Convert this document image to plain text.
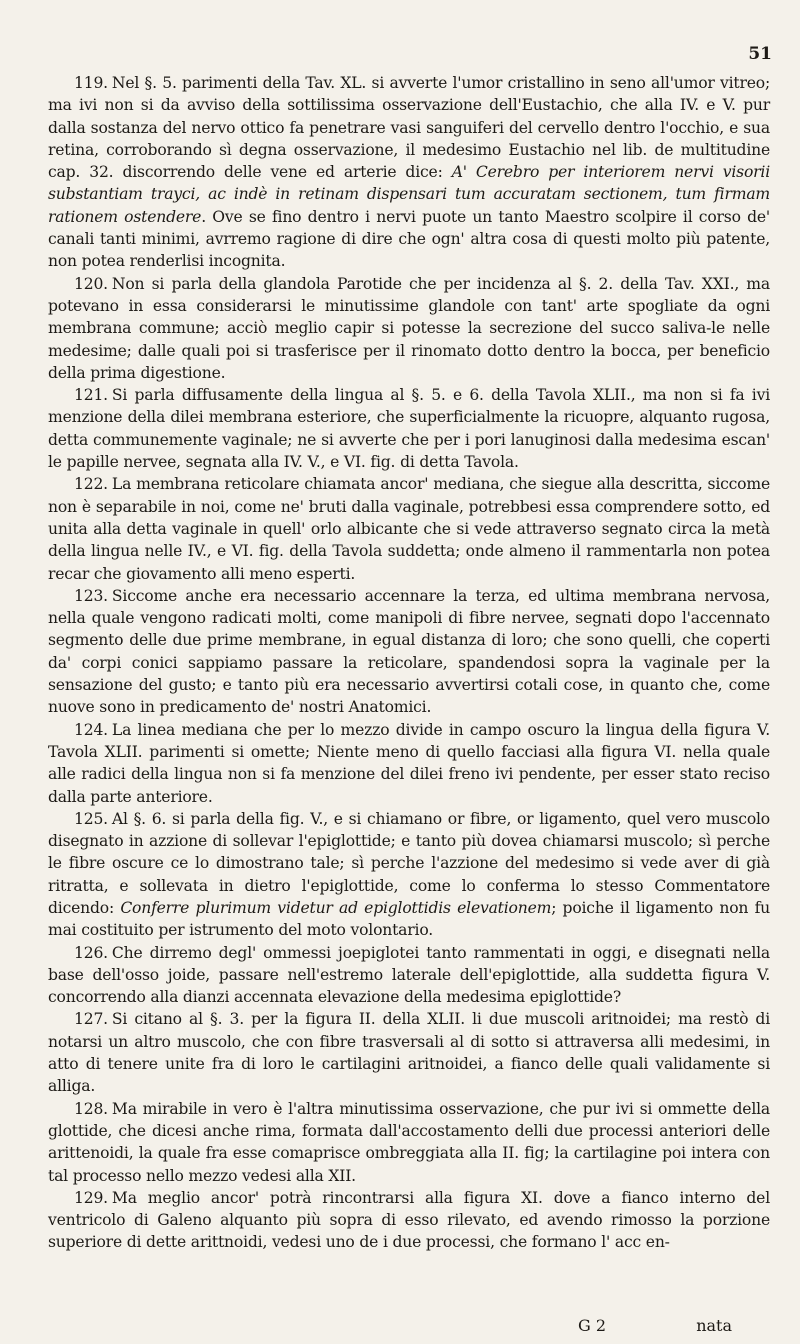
51

119. Nel §. 5. parimenti della Tav. XL. si avverte l'umor cristallino in seno all'umor vitreo; ma ivi non si da avviso della sottilissima osservazione dell'Eustachio, che alla IV. e V. pur dalla sostanza del nervo ottico fa penetrare vasi sanguiferi del cervello dentro l'occhio, e sua retina, corroborando sì degna osservazione, il medesimo Eustachio nel lib. de multitudine cap. 32. discorrendo delle vene ed arterie dice: A' Cerebro per interiorem nervi visorii substantiam trayci, ac indè in retinam dispensari tum accuratam sectionem, tum firmam rationem ostendere. Ove se fino dentro i nervi puote un tanto Maestro scolpire il corso de' canali tanti minimi, avrremo ragione di dire che ogn' altra cosa di questi molto più patente, non potea renderlisi incognita.

120. Non si parla della glandola Parotide che per incidenza al §. 2. della Tav. XXI., ma potevano in essa considerarsi le minutissime glandole con tant' arte spogliate da ogni membrana commune; acciò meglio capir si potesse la secrezione del succo saliva-le nelle medesime; dalle quali poi si trasferisce per il rinomato dotto dentro la bocca, per beneficio della prima digestione.

121. Si parla diffusamente della lingua al §. 5. e 6. della Tavola XLII., ma non si fa ivi menzione della dilei membrana esteriore, che superficialmente la ricuopre, alquanto rugosa, detta communemente vaginale; ne si avverte che per i pori lanuginosi dalla medesima escan' le papille nervee, segnata alla IV. V., e VI. fig. di detta Tavola.

122. La membrana reticolare chiamata ancor' mediana, che siegue alla descritta, siccome non è separabile in noi, come ne' bruti dalla vaginale, potrebbesi essa comprendere sotto, ed unita alla detta vaginale in quell' orlo albicante che si vede attraverso segnato circa la metà della lingua nelle IV., e VI. fig. della Tavola suddetta; onde almeno il rammentarla non potea recar che giovamento alli meno esperti.

123. Siccome anche era necessario accennare la terza, ed ultima membrana nervosa, nella quale vengono radicati molti, come manipoli di fibre nervee, segnati dopo l'accennato segmento delle due prime membrane, in egual distanza di loro; che sono quelli, che coperti da' corpi conici sappiamo passare la reticolare, spandendosi sopra la vaginale per la sensazione del gusto; e tanto più era necessario avvertirsi cotali cose, in quanto che, come nuove sono in predicamento de' nostri Anatomici.

124. La linea mediana che per lo mezzo divide in campo oscuro la lingua della figura V. Tavola XLII. parimenti si omette; Niente meno di quello facciasi alla figura VI. nella quale alle radici della lingua non si fa menzione del dilei freno ivi pendente, per esser stato reciso dalla parte anteriore.

125. Al §. 6. si parla della fig. V., e si chiamano or fibre, or ligamento, quel vero muscolo disegnato in azzione di sollevar l'epiglottide; e tanto più dovea chiamarsi muscolo; sì perche le fibre oscure ce lo dimostrano tale; sì perche l'azzione del medesimo si vede aver di già ritratta, e sollevata in dietro l'epiglottide, come lo conferma lo stesso Commentatore dicendo: Conferre plurimum videtur ad epiglottidis elevationem; poiche il ligamento non fu mai costituito per istrumento del moto volontario.

126. Che dirremo degl' ommessi joepiglotei tanto rammentati in oggi, e disegnati nella base dell'osso joide, passare nell'estremo laterale dell'epiglottide, alla suddetta figura V. concorrendo alla dianzi accennata elevazione della medesima epiglottide?

127. Si citano al §. 3. per la figura II. della XLII. li due muscoli aritnoidei; ma restò di notarsi un altro muscolo, che con fibre trasversali al di sotto si attraversa alli medesimi, in atto di tenere unite fra di loro le cartilagini aritnoidei, a fianco delle quali validamente si alliga.

128. Ma mirabile in vero è l'altra minutissima osservazione, che pur ivi si ommette della glottide, che dicesi anche rima, formata dall'accostamento delli due processi anteriori delle arittenoidi, la quale fra esse comaprisce ombreggiata alla II. fig; la cartilagine poi intera con tal processo nello mezzo vedesi alla XII.

129. Ma meglio ancor' potrà rincontrarsi alla figura XI. dove a fianco interno del ventricolo di Galeno alquanto più sopra di esso rilevato, ed avendo rimosso la porzione superiore di dette arittnoidi, vedesi uno de i due processi, che formano l' acc en-

G 2	nata
